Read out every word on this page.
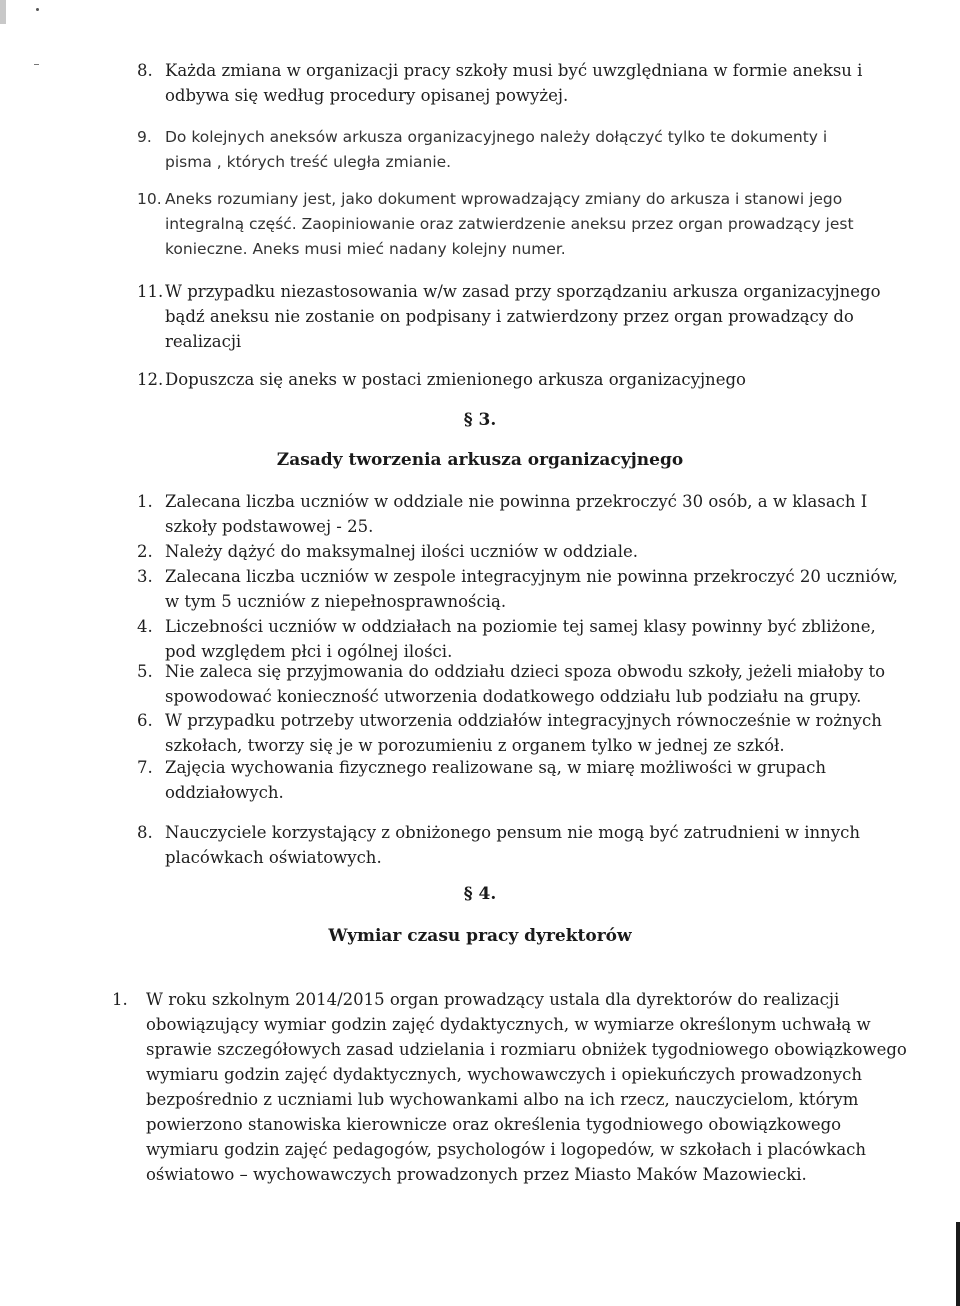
8. Każda zmiana w organizacji pracy szkoły musi być uwzględniana w formie aneksu i
odbywa się według procedury opisanej powyżej.
9. Do kolejnych aneksów arkusza organizacyjnego należy dołączyć tylko te dokumenty i
pisma , których treść uległa zmianie.
10. Aneks rozumiany jest, jako dokument wprowadzający zmiany do arkusza i stanowi jego
integralną część. Zaopiniowanie oraz zatwierdzenie aneksu przez organ prowadzący jest
konieczne. Aneks musi mieć nadany kolejny numer.
11. W przypadku niezastosowania w/w zasad przy sporządzaniu arkusza organizacyjnego
bądź aneksu nie zostanie on podpisany i zatwierdzony przez organ prowadzący do
realizacji
12. Dopuszcza się aneks w postaci zmienionego arkusza organizacyjnego
§ 3.
Zasady tworzenia arkusza organizacyjnego
1. Zalecana liczba uczniów w oddziale nie powinna przekroczyć 30 osób, a w klasach I
szkoły podstawowej - 25.
2. Należy dążyć do maksymalnej ilości uczniów w oddziale.
3. Zalecana liczba uczniów w zespole integracyjnym nie powinna przekroczyć 20 uczniów,
w tym 5 uczniów z niepełnosprawnością.
4. Liczebności uczniów w oddziałach na poziomie tej samej klasy powinny być zbliżone,
pod względem płci i ogólnej ilości.
5. Nie zaleca się przyjmowania do oddziału dzieci spoza obwodu szkoły, jeżeli miałoby to
spowodować konieczność utworzenia dodatkowego oddziału lub podziału na grupy.
6. W przypadku potrzeby utworzenia oddziałów integracyjnych równocześnie w rożnych
szkołach, tworzy się je w porozumieniu z organem tylko w jednej ze szkół.
7. Zajęcia wychowania fizycznego realizowane są, w miarę możliwości w grupach
oddziałowych.
8. Nauczyciele korzystający z obniżonego pensum nie mogą być zatrudnieni w innych
placówkach oświatowych.
§ 4.
Wymiar czasu pracy dyrektorów
1. W roku szkolnym 2014/2015 organ prowadzący ustala dla dyrektorów do realizacji
obowiązujący wymiar godzin zajęć dydaktycznych, w wymiarze określonym uchwałą w
sprawie szczegółowych zasad udzielania i rozmiaru obniżek tygodniowego obowiązkowego
wymiaru godzin zajęć dydaktycznych, wychowawczych i opiekuńczych prowadzonych
bezpośrednio z uczniami lub wychowankami albo na ich rzecz, nauczycielom, którym
powierzono stanowiska kierownicze oraz określenia tygodniowego obowiązkowego
wymiaru godzin zajęć pedagogów, psychologów i logopedów, w szkołach i placówkach
oświatowo – wychowawczych prowadzonych przez Miasto Maków Mazowiecki.
